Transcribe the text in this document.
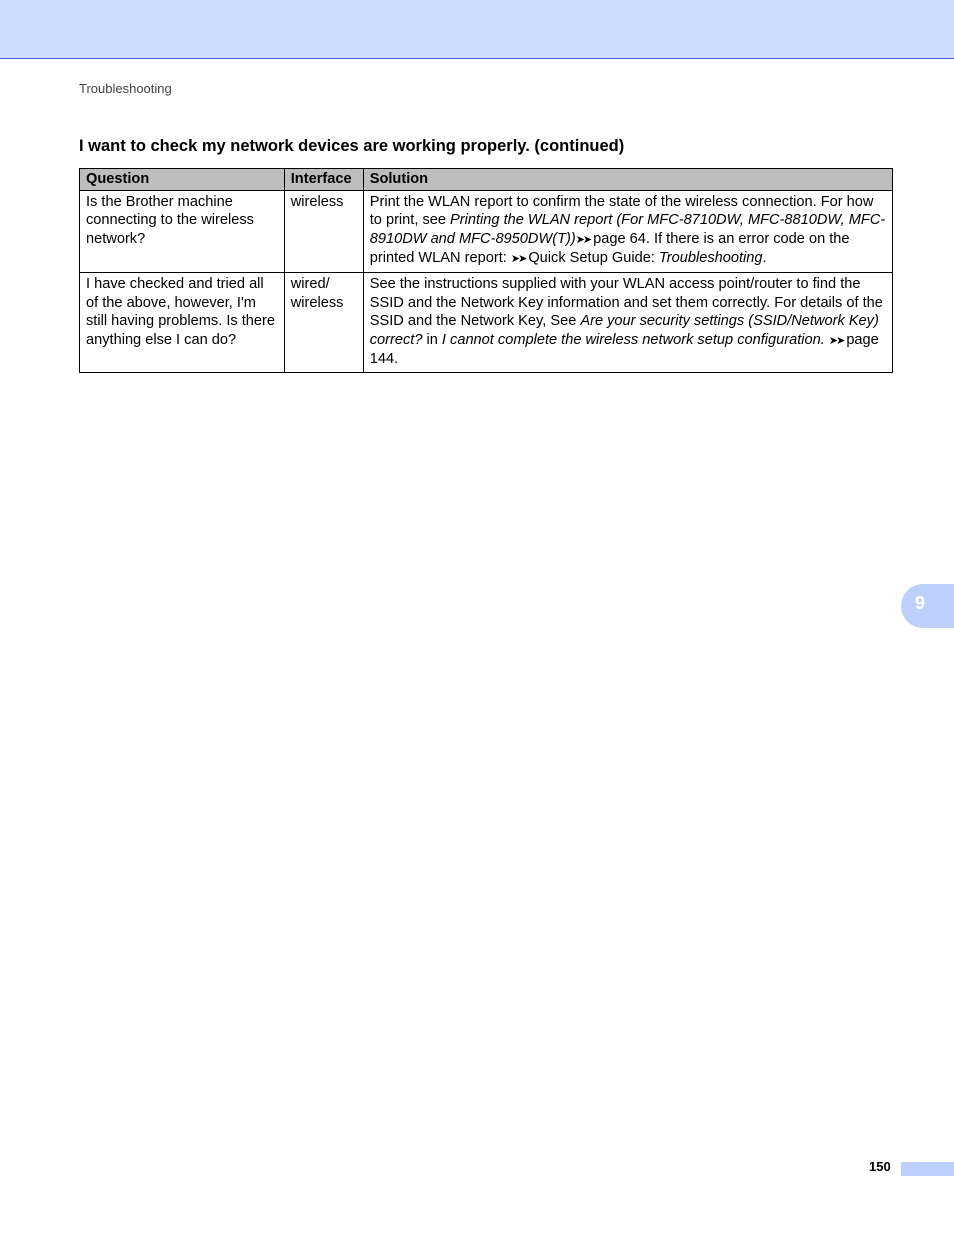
Troubleshooting
I want to check my network devices are working properly. (continued)
Question	Interface	Solution
Is the Brother machine connecting to the wireless network?	wireless	Print the WLAN report to confirm the state of the wireless connection. For how to print, see Printing the WLAN report (For MFC-8710DW, MFC-8810DW, MFC-8910DW and MFC-8950DW(T))➤➤ page 64. If there is an error code on the printed WLAN report: ➤➤ Quick Setup Guide: Troubleshooting.
I have checked and tried all of the above, however, I'm still having problems. Is there anything else I can do?	wired/ wireless	See the instructions supplied with your WLAN access point/router to find the SSID and the Network Key information and set them correctly. For details of the SSID and the Network Key, See Are your security settings (SSID/Network Key) correct? in I cannot complete the wireless network setup configuration. ➤➤ page 144.
9
150
